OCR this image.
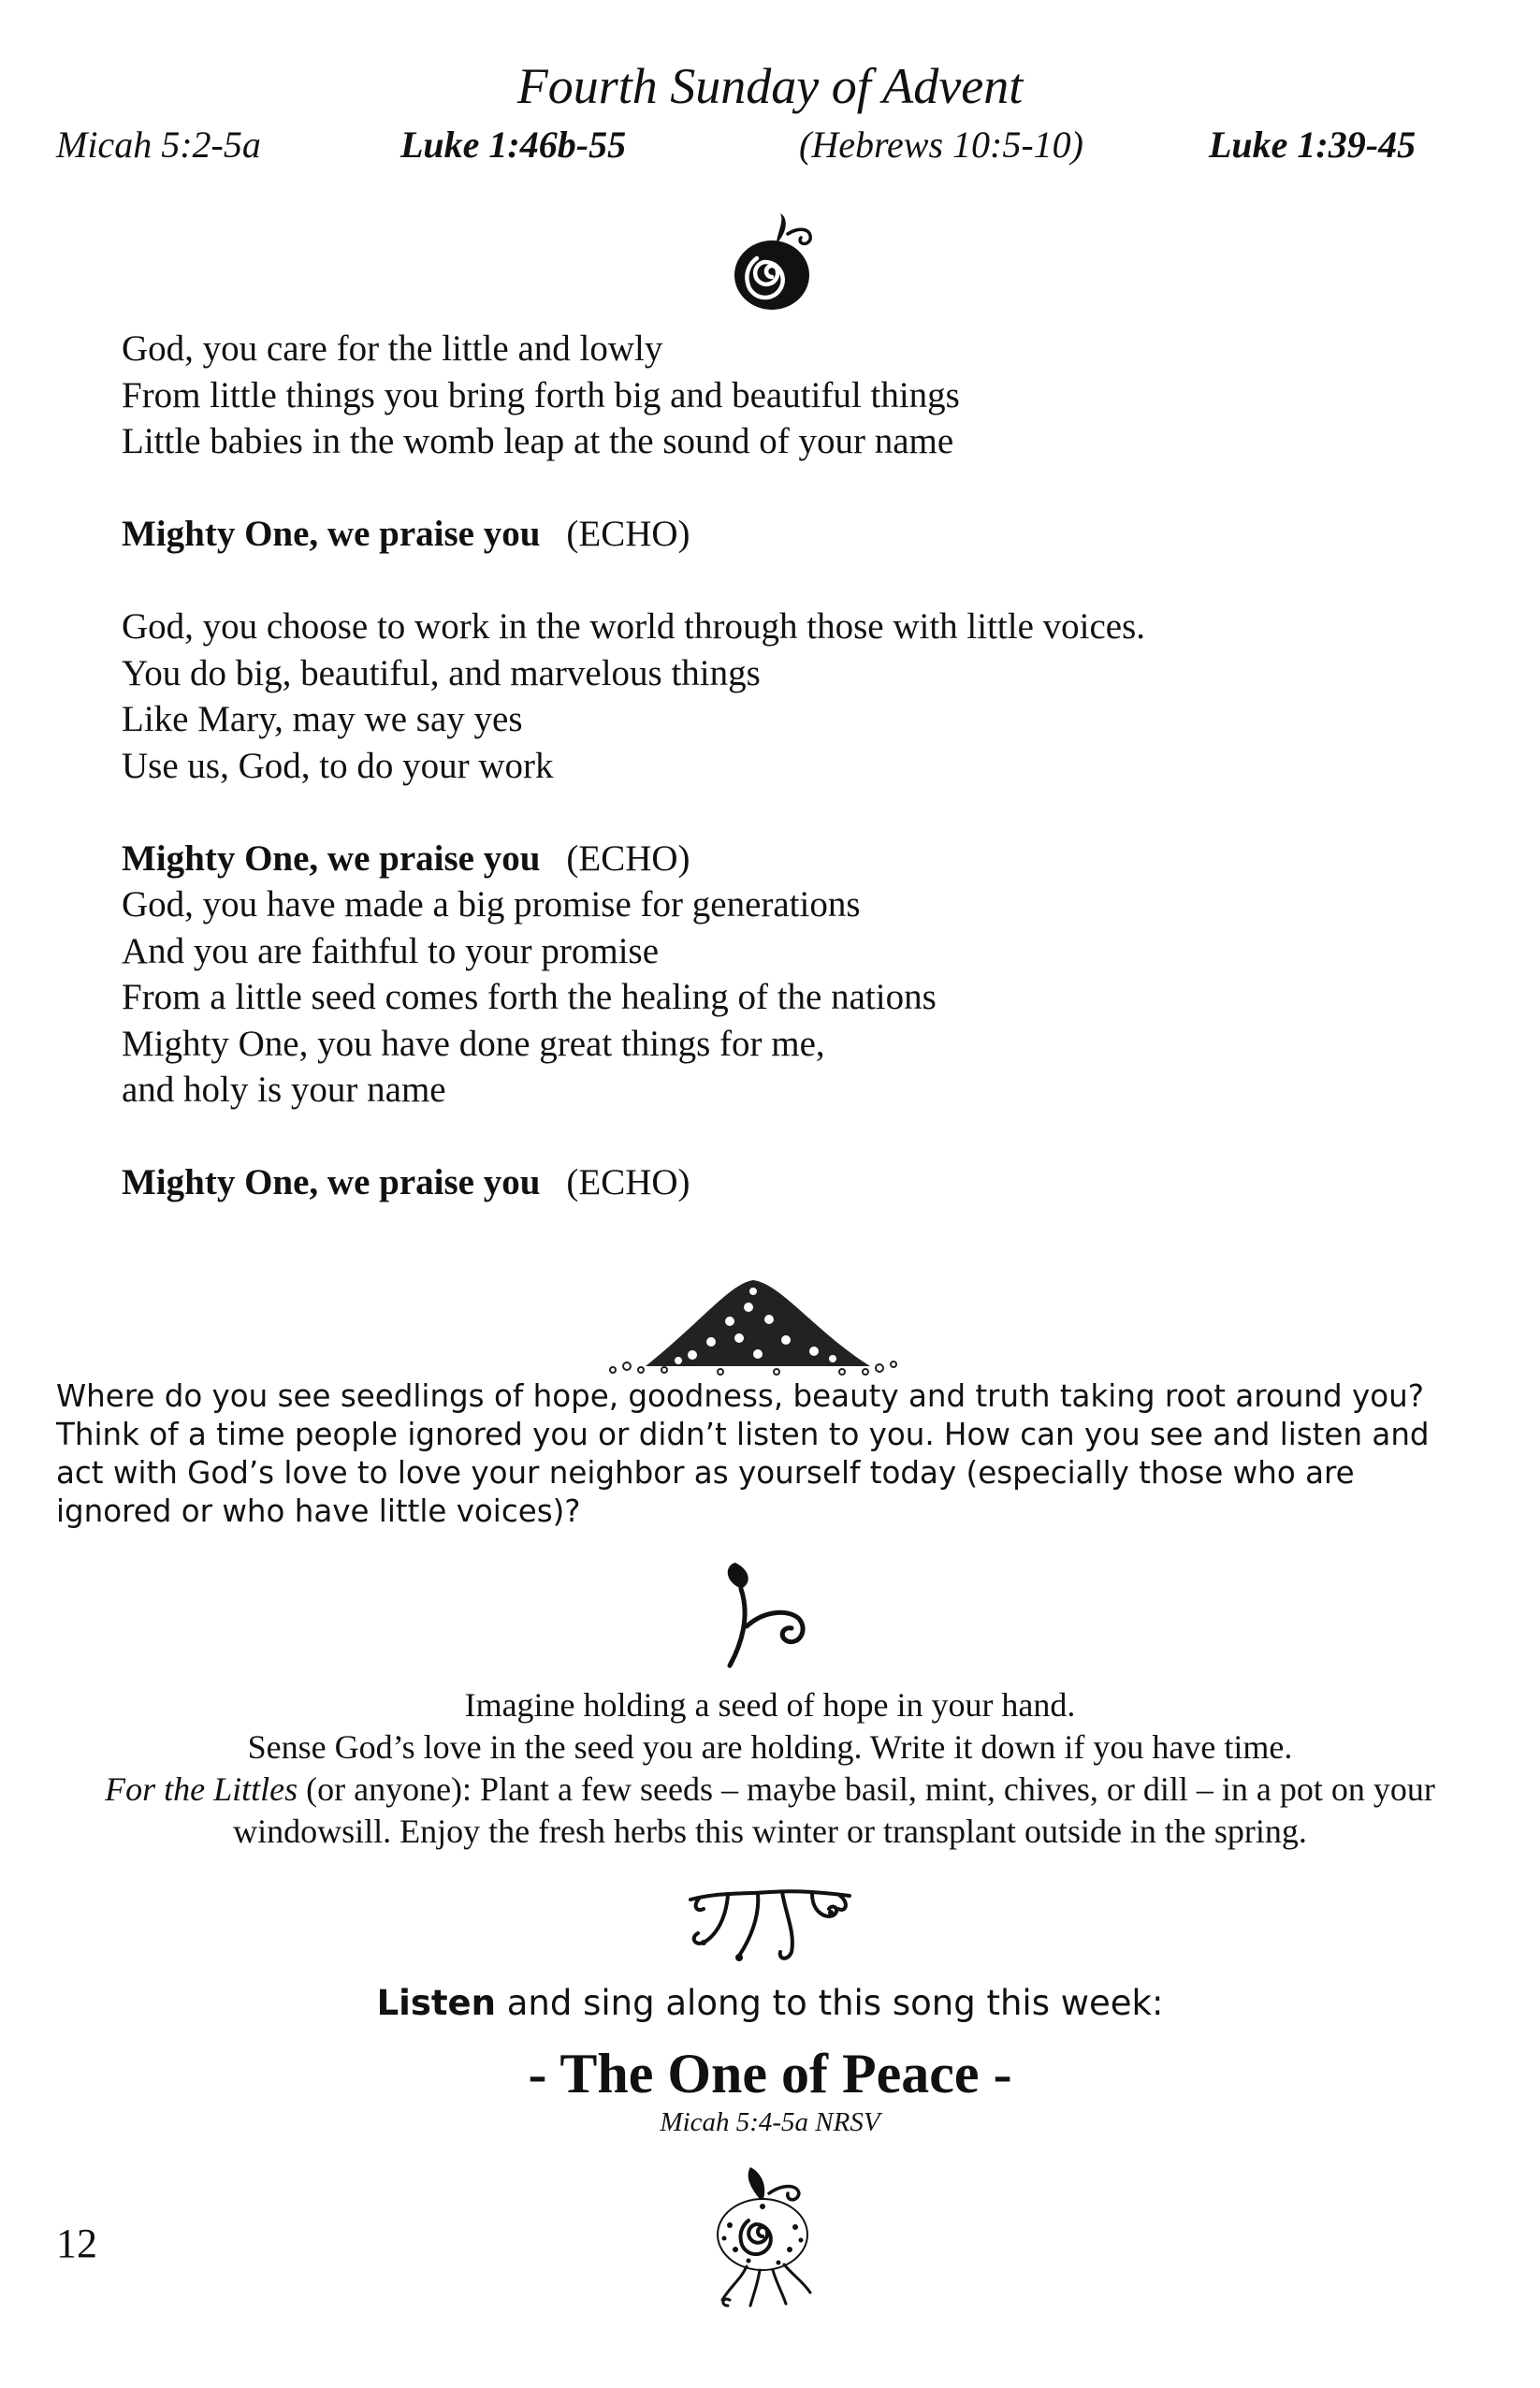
Fourth Sunday of Advent
Micah 5:2-5a	Luke 1:46b-55	(Hebrews 10:5-10)	Luke 1:39-45
God, you care for the little and lowly
From little things you bring forth big and beautiful things
Little babies in the womb leap at the sound of your name
Mighty One, we praise you (ECHO)
God, you choose to work in the world through those with little voices.
You do big, beautiful, and marvelous things
Like Mary, may we say yes
Use us, God, to do your work
Mighty One, we praise you (ECHO)
God, you have made a big promise for generations
And you are faithful to your promise
From a little seed comes forth the healing of the nations
Mighty One, you have done great things for me,
and holy is your name
Mighty One, we praise you (ECHO)
Where do you see seedlings of hope, goodness, beauty and truth taking root around you? Think of a time people ignored you or didn’t listen to you. How can you see and listen and act with God’s love to love your neighbor as yourself today (especially those who are ignored or who have little voices)?
Imagine holding a seed of hope in your hand.
Sense God’s love in the seed you are holding. Write it down if you have time.
For the Littles (or anyone): Plant a few seeds – maybe basil, mint, chives, or dill – in a pot on your windowsill. Enjoy the fresh herbs this winter or transplant outside in the spring.
Listen and sing along to this song this week:
- The One of Peace -
Micah 5:4-5a NRSV
12
